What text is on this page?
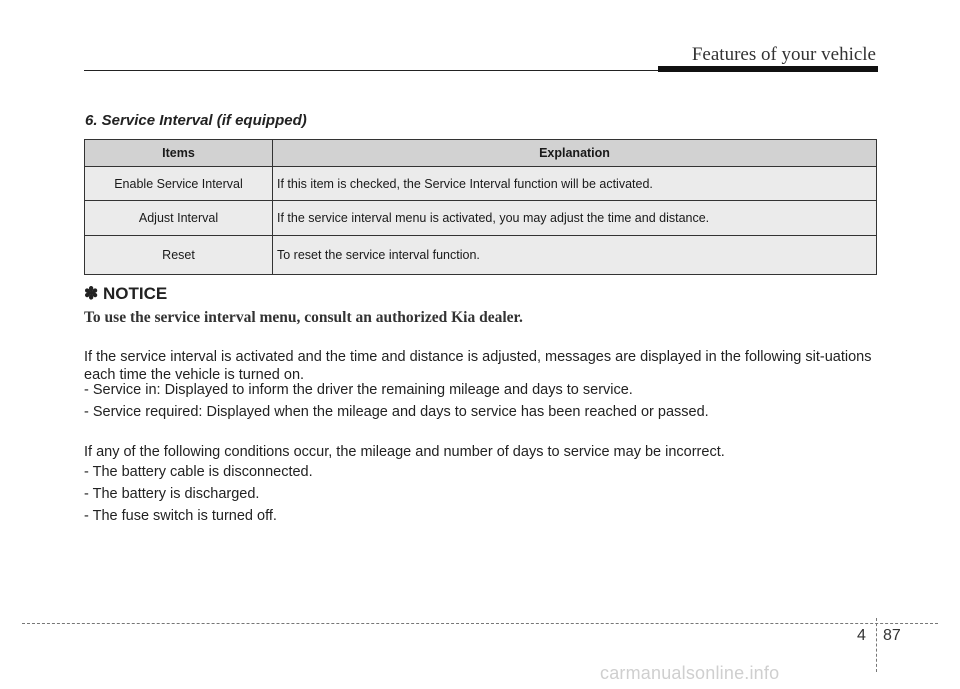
Features of your vehicle
6. Service Interval (if equipped)
Items	Explanation
Enable Service Interval	If this item is checked, the Service Interval function will be activated.
Adjust Interval	If the service interval menu is activated, you may adjust the time and distance.
Reset	To reset the service interval function.
✽ NOTICE
To use the service interval menu, consult an authorized Kia dealer.
If the service interval is activated and the time and distance is adjusted, messages are displayed in the following sit-uations each time the vehicle is turned on.
- Service in: Displayed to inform the driver the remaining mileage and days to service.
- Service required: Displayed when the mileage and days to service has been reached or passed.
If any of the following conditions occur, the mileage and number of days to service may be incorrect.
- The battery cable is disconnected.
- The battery is discharged.
- The fuse switch is turned off.
4 87
carmanualsonline.info
